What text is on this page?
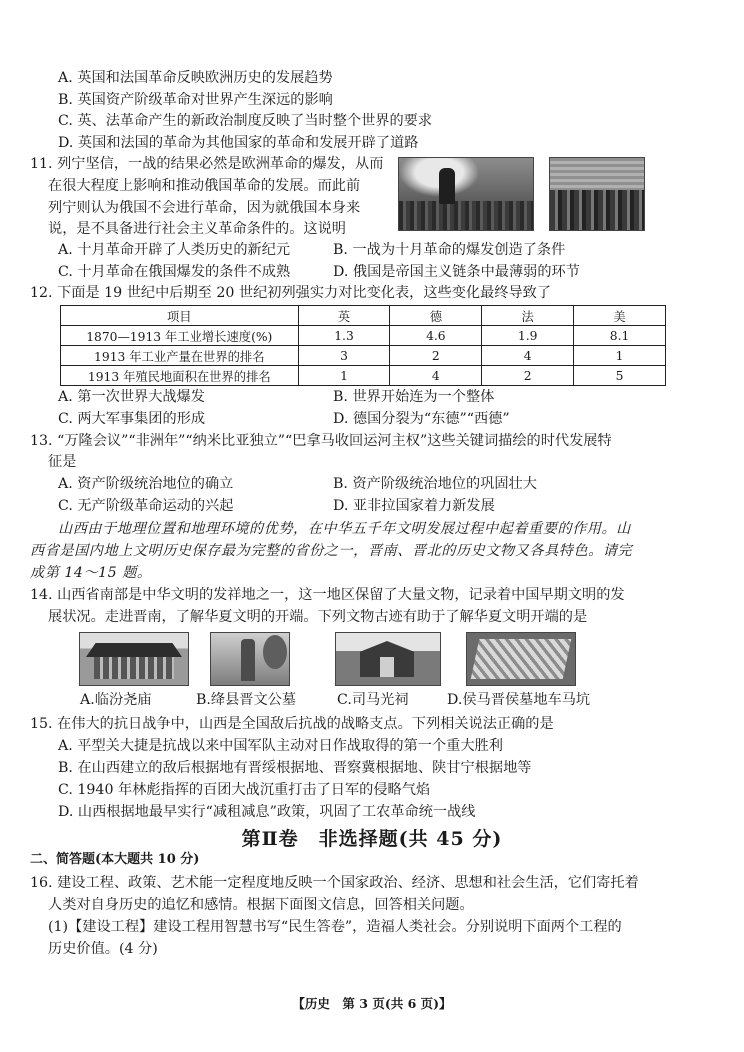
A. 英国和法国革命反映欧洲历史的发展趋势
B. 英国资产阶级革命对世界产生深远的影响
C. 英、法革命产生的新政治制度反映了当时整个世界的要求
D. 英国和法国的革命为其他国家的革命和发展开辟了道路
11. 列宁坚信，一战的结果必然是欧洲革命的爆发，从而
在很大程度上影响和推动俄国革命的发展。而此前
列宁则认为俄国不会进行革命，因为就俄国本身来
说，是不具备进行社会主义革命条件的。这说明
A. 十月革命开辟了人类历史的新纪元	B. 一战为十月革命的爆发创造了条件
C. 十月革命在俄国爆发的条件不成熟	D. 俄国是帝国主义链条中最薄弱的环节
12. 下面是 19 世纪中后期至 20 世纪初列强实力对比变化表，这些变化最终导致了
项目	英	德	法	美
1870—1913 年工业增长速度(%)	1.3	4.6	1.9	8.1
1913 年工业产量在世界的排名	3	2	4	1
1913 年殖民地面积在世界的排名	1	4	2	5
A. 第一次世界大战爆发	B. 世界开始连为一个整体
C. 两大军事集团的形成	D. 德国分裂为“东德”“西德”
13. “万隆会议”“非洲年”“纳米比亚独立”“巴拿马收回运河主权”这些关键词描绘的时代发展特
征是
A. 资产阶级统治地位的确立	B. 资产阶级统治地位的巩固壮大
C. 无产阶级革命运动的兴起	D. 亚非拉国家着力新发展
山西由于地理位置和地理环境的优势，在中华五千年文明发展过程中起着重要的作用。山
西省是国内地上文明历史保存最为完整的省份之一，晋南、晋北的历史文物又各具特色。请完
成第 14～15 题。
14. 山西省南部是中华文明的发祥地之一，这一地区保留了大量文物，记录着中国早期文明的发
展状况。走进晋南，了解华夏文明的开端。下列文物古迹有助于了解华夏文明开端的是
A.临汾尧庙	B.绛县晋文公墓	C.司马光祠	D.侯马晋侯墓地车马坑
15. 在伟大的抗日战争中，山西是全国敌后抗战的战略支点。下列相关说法正确的是
A. 平型关大捷是抗战以来中国军队主动对日作战取得的第一个重大胜利
B. 在山西建立的敌后根据地有晋绥根据地、晋察冀根据地、陕甘宁根据地等
C. 1940 年林彪指挥的百团大战沉重打击了日军的侵略气焰
D. 山西根据地最早实行“减租减息”政策，巩固了工农革命统一战线
第Ⅱ卷　非选择题(共 45 分)
二、简答题(本大题共 10 分)
16. 建设工程、政策、艺术能一定程度地反映一个国家政治、经济、思想和社会生活，它们寄托着
人类对自身历史的追忆和感情。根据下面图文信息，回答相关问题。
(1)【建设工程】建设工程用智慧书写“民生答卷”，造福人类社会。分别说明下面两个工程的
历史价值。(4 分)
【历史　第 3 页(共 6 页)】
